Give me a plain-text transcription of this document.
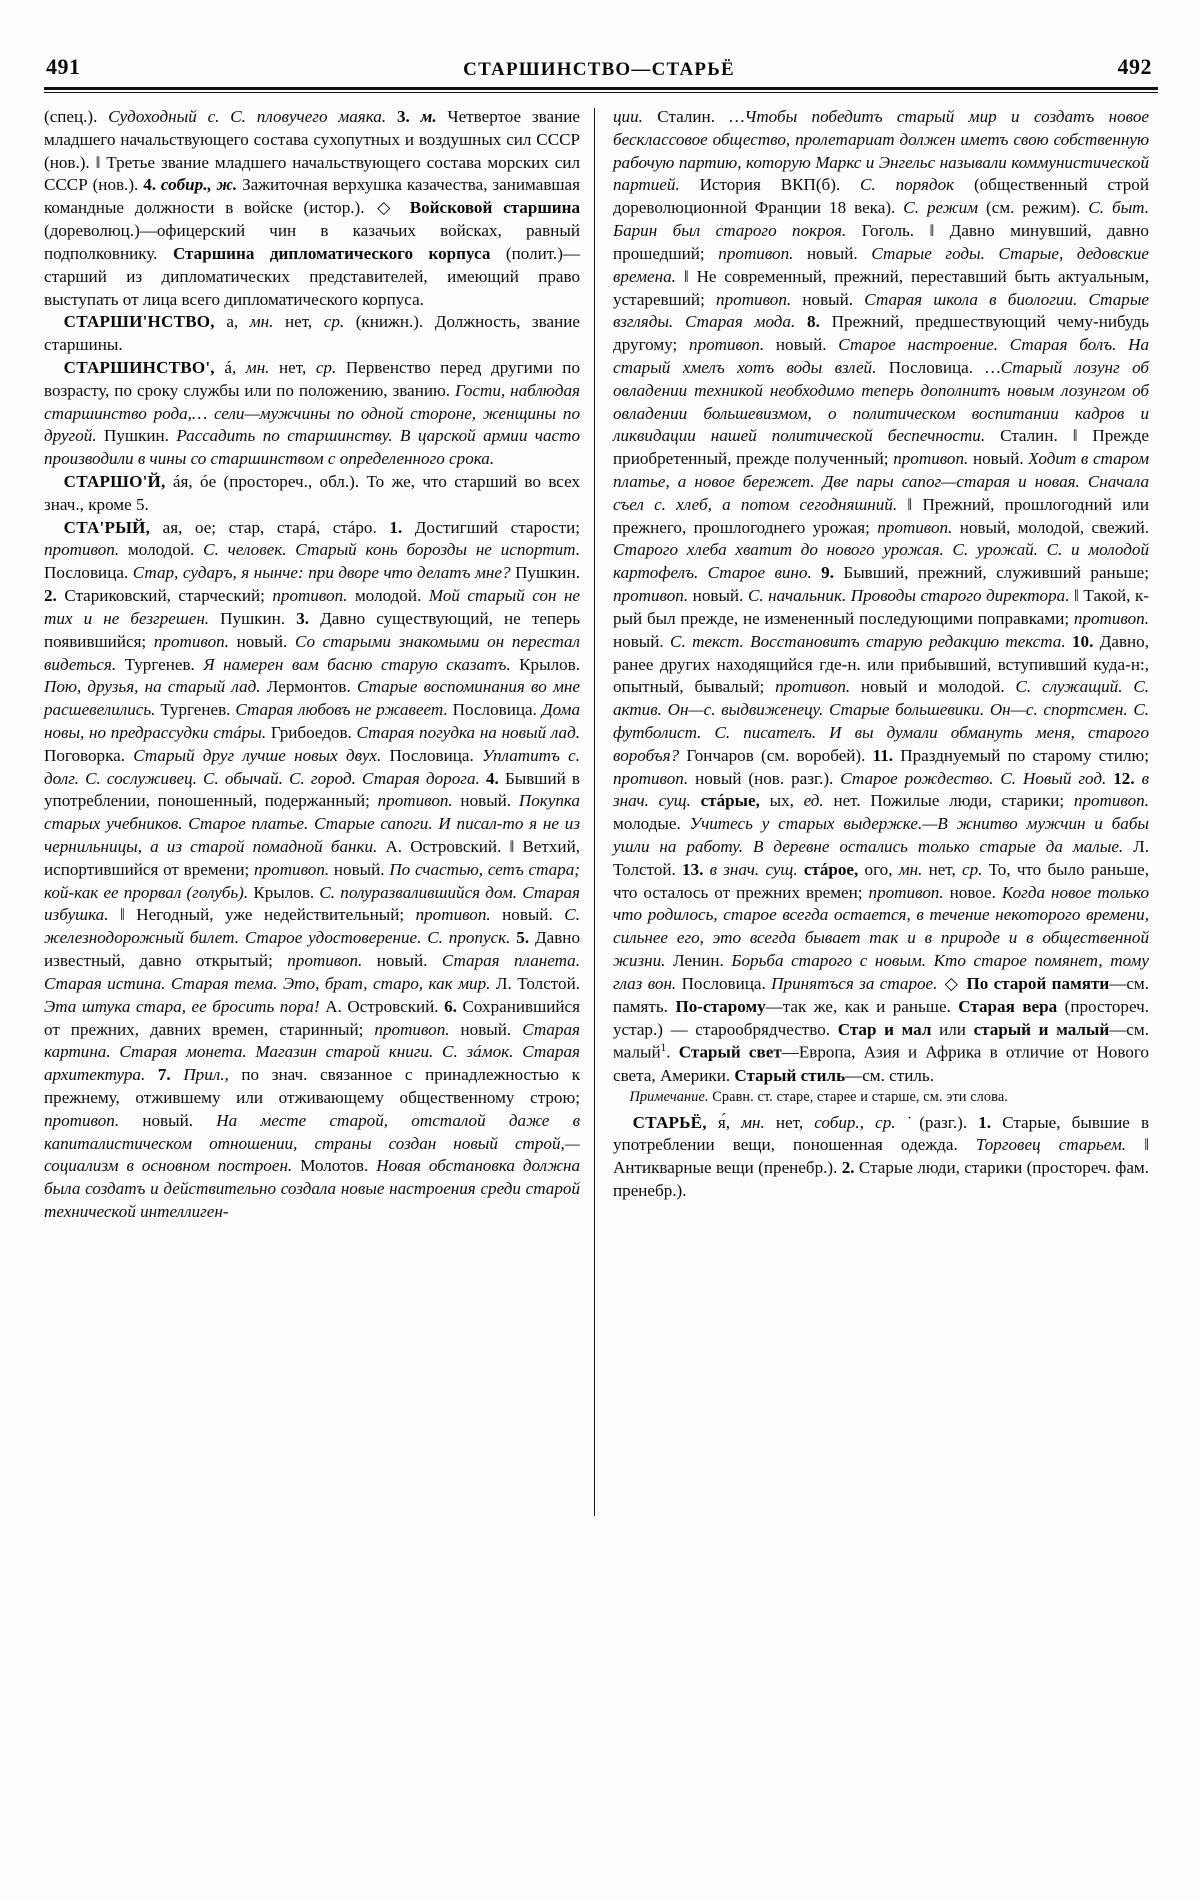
491	СТАРШИНСТВО—СТАРЬЁ	492

(спец.). Судоходный с. С. пловучего маяка. 3. м. Четвертое звание младшего начальствующего состава сухопутных и воздушных сил СССР (нов.). ‖ Третье звание младшего начальствующего состава морских сил СССР (нов.). 4. собир., ж. Зажиточная верхушка казачества, занимавшая командные должности в войске (истор.). ◇ Войсковой старшина (дореволюц.)—офицерский чин в казачьих войсках, равный подполковнику. Старшина дипломатического корпуса (полит.)—старший из дипломатических представителей, имеющий право выступать от лица всего дипломатического корпуса.

СТАРШИ'НСТВО, а, мн. нет, ср. (книжн.). Должность, звание старшины.

СТАРШИНСТВО', á, мн. нет, ср. Первенство перед другими по возрасту, по сроку службы или по положению, званию. Гости, наблюдая старшинство рода,… сели—мужчины по одной стороне, женщины по другой. Пушкин. Рассадить по старшинству. В царской армии часто производили в чины со старшинством с определенного срока.

СТАРШО'Й, áя, óе (простореч., обл.). То же, что старший во всех знач., кроме 5.

СТА'РЫЙ, ая, ое; стар, старá, стáро. 1. Достигший старости; противоп. молодой. С. человек. Старый конь борозды не испортит. Пословица. Стар, сударъ, я нынче: при дворе что делатъ мне? Пушкин. 2. Стариковский, старческий; противоп. молодой. Мой старый сон не тих и не безгрешен. Пушкин. 3. Давно существующий, не теперь появившийся; противоп. новый. Со старыми знакомыми он перестал видеться. Тургенев. Я намерен вам басню старую сказатъ. Крылов. Пою, друзья, на старый лад. Лермонтов. Старые воспоминания во мне расшевелились. Тургенев. Старая любовъ не ржавеет. Пословица. Дома новы, но предрассудки стáры. Грибоедов. Старая погудка на новый лад. Поговорка. Старый друг лучше новых двух. Пословица. Уплатитъ с. долг. С. сослуживец. С. обычай. С. город. Старая дорога. 4. Бывший в употреблении, поношенный, подержанный; противоп. новый. Покупка старых учебников. Старое платье. Старые сапоги. И писал-то я не из чернильницы, а из старой помадной банки. А. Островский. ‖ Ветхий, испортившийся от времени; противоп. новый. По счастью, сетъ стара; кой-как ее прорвал (голубь). Крылов. С. полуразвалившийся дом. Старая избушка. ‖ Негодный, уже недействительный; противоп. новый. С. железнодорожный билет. Старое удостоверение. С. пропуск. 5. Давно известный, давно открытый; противоп. новый. Старая планета. Старая истина. Старая тема. Это, брат, старо, как мир. Л. Толстой. Эта штука стара, ее бросить пора! А. Островский. 6. Сохранившийся от прежних, давних времен, старинный; противоп. новый. Старая картина. Старая монета. Магазин старой книги. С. зáмок. Старая архитектура. 7. Прил., по знач. связанное с принадлежностью к прежнему, отжившему или отживающему общественному строю; противоп. новый. На месте старой, отсталой даже в капиталистическом отношении, страны создан новый строй,—социализм в основном построен. Молотов. Новая обстановка должна была создатъ и действительно создала новые настроения среди старой технической интеллиген-

ции. Сталин. …Чтобы победитъ старый мир и создатъ новое бесклассовое общество, пролетариат должен иметъ свою собственную рабочую партию, которую Маркс и Энгельс называли коммунистической партией. История ВКП(б). С. порядок (общественный строй дореволюционной Франции 18 века). С. режим (см. режим). С. быт. Барин был старого покроя. Гоголь. ‖ Давно минувший, давно прошедший; противоп. новый. Старые годы. Старые, дедовские времена. ‖ Не современный, прежний, переставший быть актуальным, устаревший; противоп. новый. Старая школа в биологии. Старые взгляды. Старая мода. 8. Прежний, предшествующий чему-нибудь другому; противоп. новый. Старое настроение. Старая болъ. На старый хмелъ хотъ воды взлей. Пословица. …Старый лозунг об овладении техникой необходимо теперь дополнитъ новым лозунгом об овладении большевизмом, о политическом воспитании кадров и ликвидации нашей политической беспечности. Сталин. ‖ Прежде приобретенный, прежде полученный; противоп. новый. Ходит в старом платье, а новое бережет. Две пары сапог—старая и новая. Сначала съел с. хлеб, а потом сегодняшний. ‖ Прежний, прошлогодний или прежнего, прошлогоднего урожая; противоп. новый, молодой, свежий. Старого хлеба хватит до нового урожая. С. урожай. С. и молодой картофелъ. Старое вино. 9. Бывший, прежний, служивший раньше; противоп. новый. С. начальник. Проводы старого директора. ‖ Такой, к-рый был прежде, не измененный последующими поправками; противоп. новый. С. текст. Восстановитъ старую редакцию текста. 10. Давно, ранее других находящийся где-н. или прибывший, вступивший куда-н:, опытный, бывалый; противоп. новый и молодой. С. служащий. С. актив. Он—с. выдвиженецу. Старые большевики. Он—с. спортсмен. С. футболист. С. писателъ. И вы думали обмануть меня, старого воробъя? Гончаров (см. воробей). 11. Празднуемый по старому стилю; противоп. новый (нов. разг.). Старое рождество. С. Новый год. 12. в знач. сущ. стáрые, ых, ед. нет. Пожилые люди, старики; противоп. молодые. Учитесь у старых выдержке.—В жнитво мужчин и бабы ушли на работу. В деревне остались только старые да малые. Л. Толстой. 13. в знач. сущ. стáрое, ого, мн. нет, ср. То, что было раньше, что осталось от прежних времен; противоп. новое. Когда новое только что родилось, старое всегда остается, в течение некоторого времени, сильнее его, это всегда бывает так и в природе и в общественной жизни. Ленин. Борьба старого с новым. Кто старое помянет, тому глаз вон. Пословица. Принятъся за старое. ◇ По старой памяти—см. память. По-старому—так же, как и раньше. Старая вера (простореч. устар.) — старообрядчество. Стар и мал или старый и малый—см. малый$^1$. Старый свет—Европа, Азия и Африка в отличие от Нового света, Америки. Старый стиль—см. стиль.

Примечание. Сравн. ст. старе, старее и старше, см. эти слова.

СТАРЬЁ, я́, мн. нет, собир., ср. ˙(разг.). 1. Старые, бывшие в употреблении вещи, поношенная одежда. Торговец старьем. ‖ Антикварные вещи (пренебр.). 2. Старые люди, старики (простореч. фам. пренебр.).
